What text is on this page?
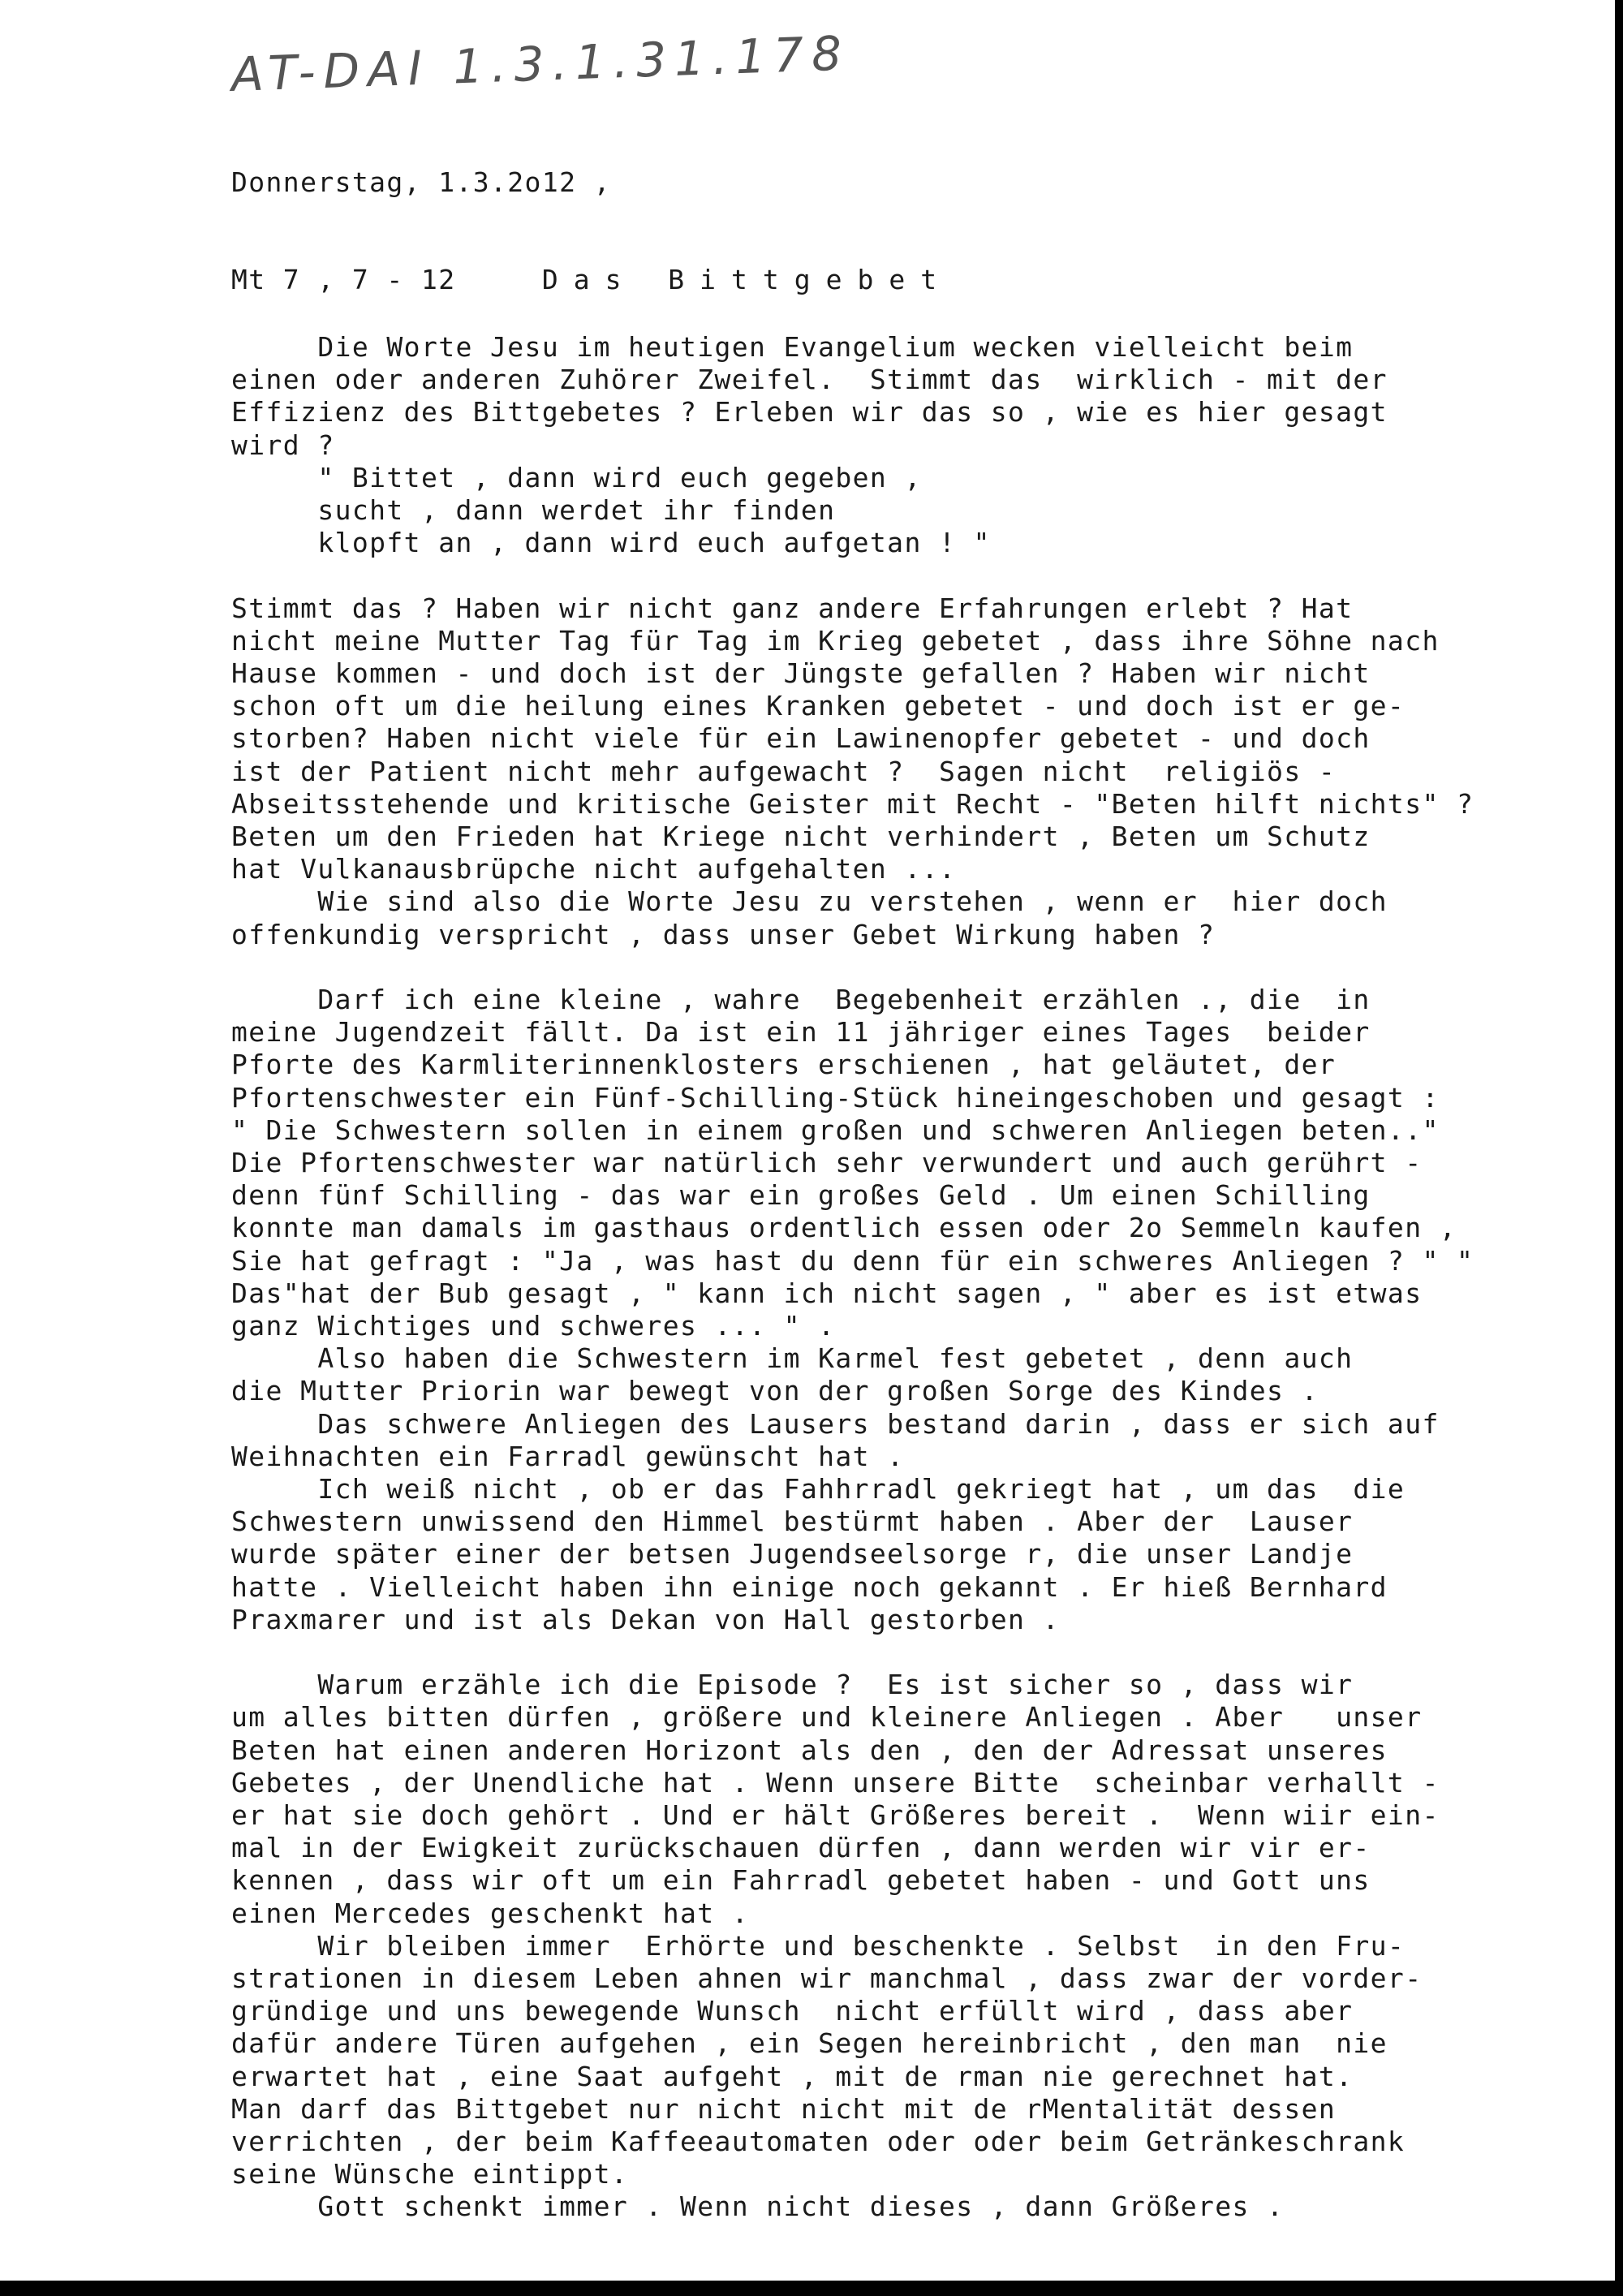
AT-DAI 1.3.1.31.178
Donnerstag, 1.3.2o12 ,
Mt 7 , 7 - 12	Das Bittgebet
Die Worte Jesu im heutigen Evangelium wecken vielleicht beim
einen oder anderen Zuhörer Zweifel.  Stimmt das  wirklich - mit der
Effizienz des Bittgebetes ? Erleben wir das so , wie es hier gesagt
wird ?
" Bittet , dann wird euch gegeben ,
sucht , dann werdet ihr finden
klopft an , dann wird euch aufgetan ! "
Stimmt das ? Haben wir nicht ganz andere Erfahrungen erlebt ? Hat
nicht meine Mutter Tag für Tag im Krieg gebetet , dass ihre Söhne nach
Hause kommen - und doch ist der Jüngste gefallen ? Haben wir nicht
schon oft um die heilung eines Kranken gebetet - und doch ist er ge-
storben? Haben nicht viele für ein Lawinenopfer gebetet - und doch
ist der Patient nicht mehr aufgewacht ?  Sagen nicht  religiös -
Abseitsstehende und kritische Geister mit Recht - "Beten hilft nichts" ?
Beten um den Frieden hat Kriege nicht verhindert , Beten um Schutz
hat Vulkanausbrüpche nicht aufgehalten ...
Wie sind also die Worte Jesu zu verstehen , wenn er  hier doch
offenkundig verspricht , dass unser Gebet Wirkung haben ?
Darf ich eine kleine , wahre  Begebenheit erzählen ., die  in
meine Jugendzeit fällt. Da ist ein 11 jähriger eines Tages  beider
Pforte des Karmliterinnenklosters erschienen , hat geläutet, der
Pfortenschwester ein Fünf-Schilling-Stück hineingeschoben und gesagt :
" Die Schwestern sollen in einem großen und schweren Anliegen beten.."
Die Pfortenschwester war natürlich sehr verwundert und auch gerührt -
denn fünf Schilling - das war ein großes Geld . Um einen Schilling
konnte man damals im gasthaus ordentlich essen oder 2o Semmeln kaufen ,
Sie hat gefragt : "Ja , was hast du denn für ein schweres Anliegen ? " "
Das"hat der Bub gesagt , " kann ich nicht sagen , " aber es ist etwas
ganz Wichtiges und schweres ... " .
Also haben die Schwestern im Karmel fest gebetet , denn auch
die Mutter Priorin war bewegt von der großen Sorge des Kindes .
Das schwere Anliegen des Lausers bestand darin , dass er sich auf
Weihnachten ein Farradl gewünscht hat .
Ich weiß nicht , ob er das Fahhrradl gekriegt hat , um das  die
Schwestern unwissend den Himmel bestürmt haben . Aber der  Lauser
wurde später einer der betsen Jugendseelsorge r, die unser Landje
hatte . Vielleicht haben ihn einige noch gekannt . Er hieß Bernhard
Praxmarer und ist als Dekan von Hall gestorben .
Warum erzähle ich die Episode ?  Es ist sicher so , dass wir
um alles bitten dürfen , größere und kleinere Anliegen . Aber   unser
Beten hat einen anderen Horizont als den , den der Adressat unseres
Gebetes , der Unendliche hat . Wenn unsere Bitte  scheinbar verhallt -
er hat sie doch gehört . Und er hält Größeres bereit .  Wenn wiir ein-
mal in der Ewigkeit zurückschauen dürfen , dann werden wir vir er-
kennen , dass wir oft um ein Fahrradl gebetet haben - und Gott uns
einen Mercedes geschenkt hat .
Wir bleiben immer  Erhörte und beschenkte . Selbst  in den Fru-
strationen in diesem Leben ahnen wir manchmal , dass zwar der vorder-
gründige und uns bewegende Wunsch  nicht erfüllt wird , dass aber
dafür andere Türen aufgehen , ein Segen hereinbricht , den man  nie
erwartet hat , eine Saat aufgeht , mit de rman nie gerechnet hat.
Man darf das Bittgebet nur nicht nicht mit de rMentalität dessen
verrichten , der beim Kaffeeautomaten oder oder beim Getränkeschrank
seine Wünsche eintippt.
Gott schenkt immer . Wenn nicht dieses , dann Größeres .
